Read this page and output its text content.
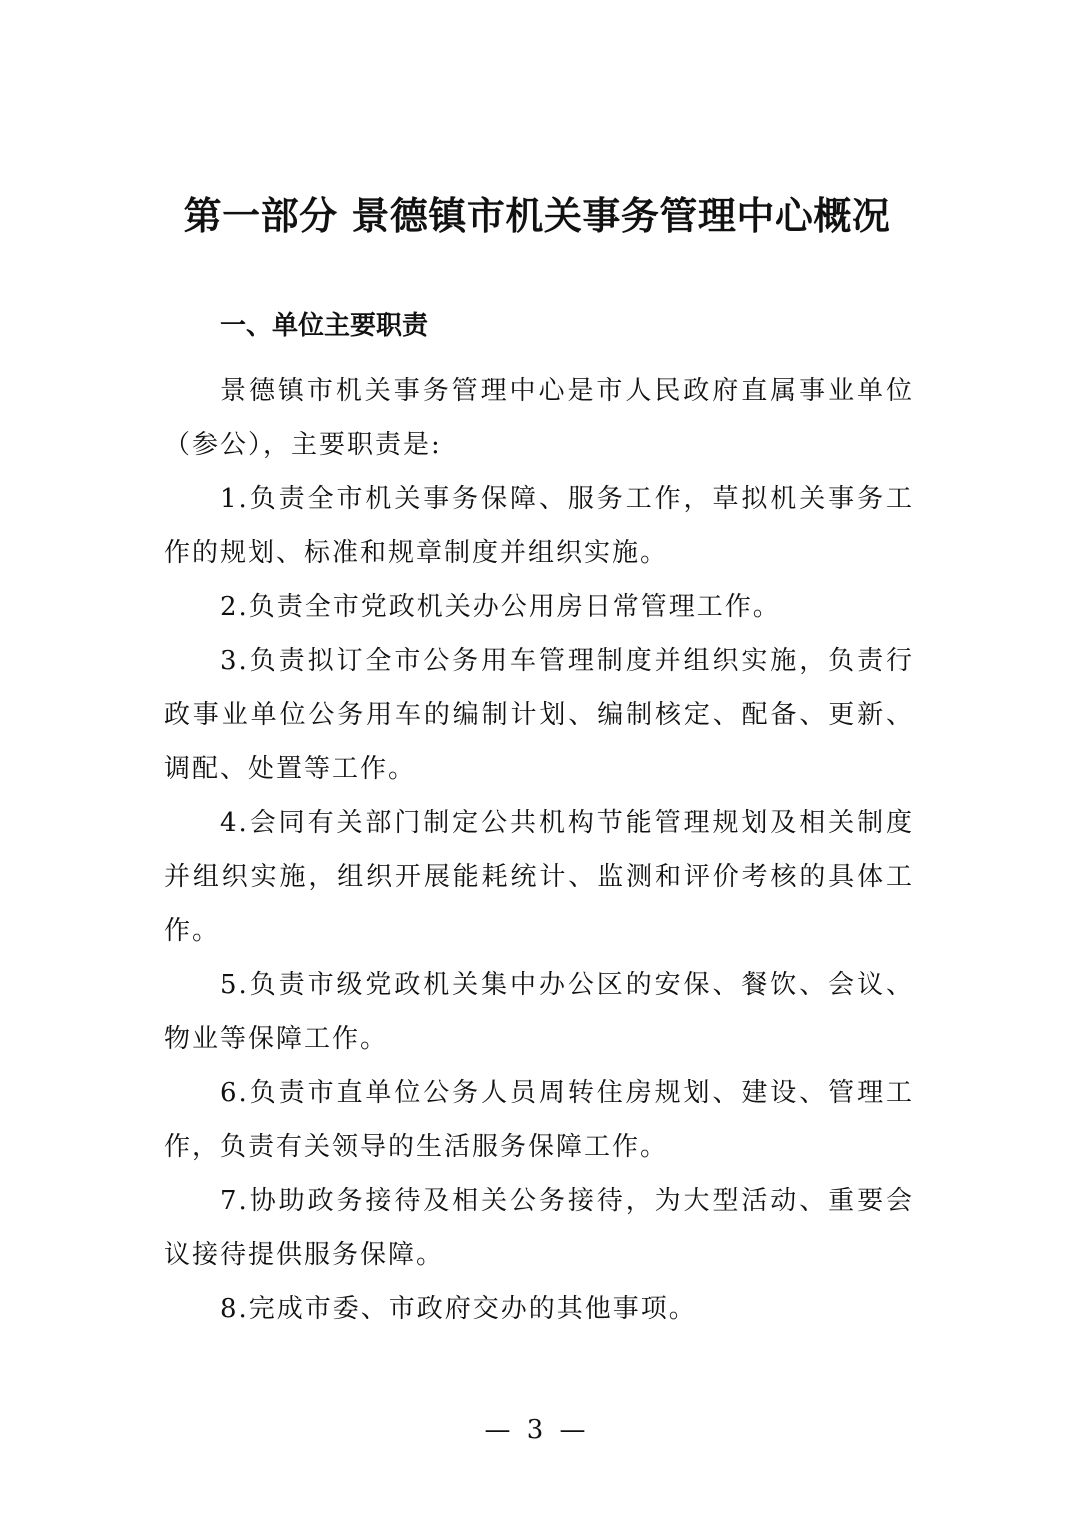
第一部分 景德镇市机关事务管理中心概况
一、单位主要职责

景德镇市机关事务管理中心是市人民政府直属事业单位（参公），主要职责是:

1.负责全市机关事务保障、服务工作，草拟机关事务工作的规划、标准和规章制度并组织实施。

2.负责全市党政机关办公用房日常管理工作。

3.负责拟订全市公务用车管理制度并组织实施，负责行政事业单位公务用车的编制计划、编制核定、配备、更新、调配、处置等工作。

4.会同有关部门制定公共机构节能管理规划及相关制度并组织实施，组织开展能耗统计、监测和评价考核的具体工作。

5.负责市级党政机关集中办公区的安保、餐饮、会议、物业等保障工作。

6.负责市直单位公务人员周转住房规划、建设、管理工作，负责有关领导的生活服务保障工作。

7.协助政务接待及相关公务接待，为大型活动、重要会议接待提供服务保障。

8.完成市委、市政府交办的其他事项。

— 3 —
